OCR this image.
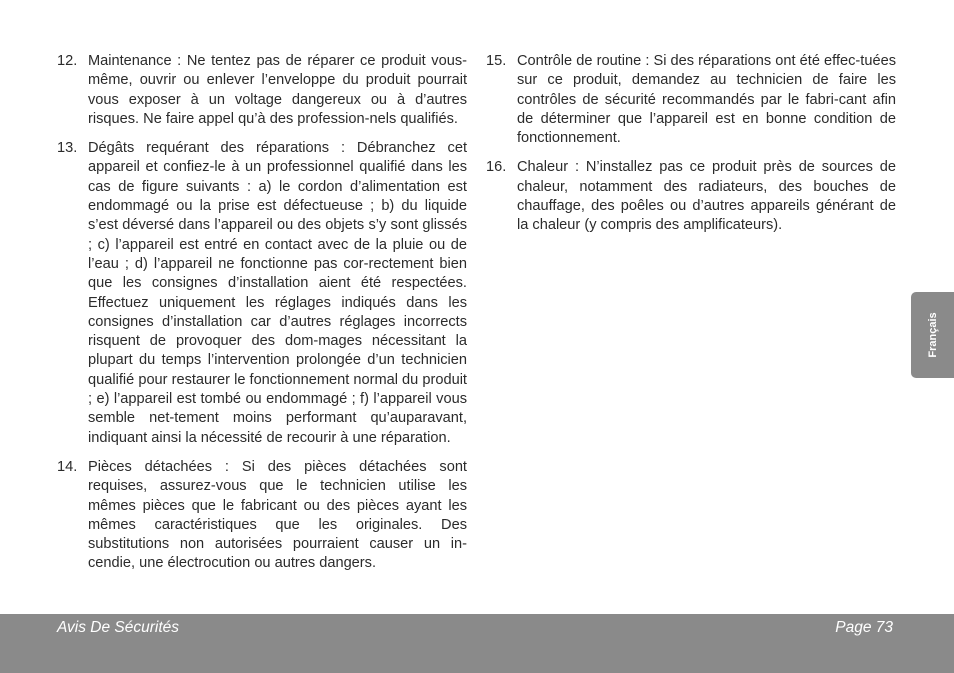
12. Maintenance : Ne tentez pas de réparer ce produit vous-même, ouvrir ou enlever l’enveloppe du produit pourrait vous exposer à un voltage dangereux ou à d’autres risques. Ne faire appel qu’à des profession-nels qualifiés.
13. Dégâts requérant des réparations : Débranchez cet appareil et confiez-le à un professionnel qualifié dans les cas de figure suivants : a) le cordon d’alimentation est endommagé ou la prise est défectueuse ; b) du liquide s’est déversé dans l’appareil ou des objets s’y sont glissés ; c) l’appareil est entré en contact avec de la pluie ou de l’eau ; d) l’appareil ne fonctionne pas cor-rectement bien que les consignes d’installation aient été respectées. Effectuez uniquement les réglages indiqués dans les consignes d’installation car d’autres réglages incorrects risquent de provoquer des dom-mages nécessitant la plupart du temps l’intervention prolongée d’un technicien qualifié pour restaurer le fonctionnement normal du produit ; e) l’appareil est tombé ou endommagé ; f) l’appareil vous semble net-tement moins performant qu’auparavant, indiquant ainsi la nécessité de recourir à une réparation.
14. Pièces détachées : Si des pièces détachées sont requises, assurez-vous que le technicien utilise les mêmes pièces que le fabricant ou des pièces ayant les mêmes caractéristiques que les originales. Des substitutions non autorisées pourraient causer un in-cendie, une électrocution ou autres dangers.
15. Contrôle de routine : Si des réparations ont été effec-tuées sur ce produit, demandez au technicien de faire les contrôles de sécurité recommandés par le fabri-cant afin de déterminer que l’appareil est en bonne condition de fonctionnement.
16. Chaleur : N’installez pas ce produit près de sources de chaleur, notamment des radiateurs, des bouches de chauffage, des poêles ou d’autres appareils générant de la chaleur (y compris des amplificateurs).
Français
Avis De Sécurités	Page 73
